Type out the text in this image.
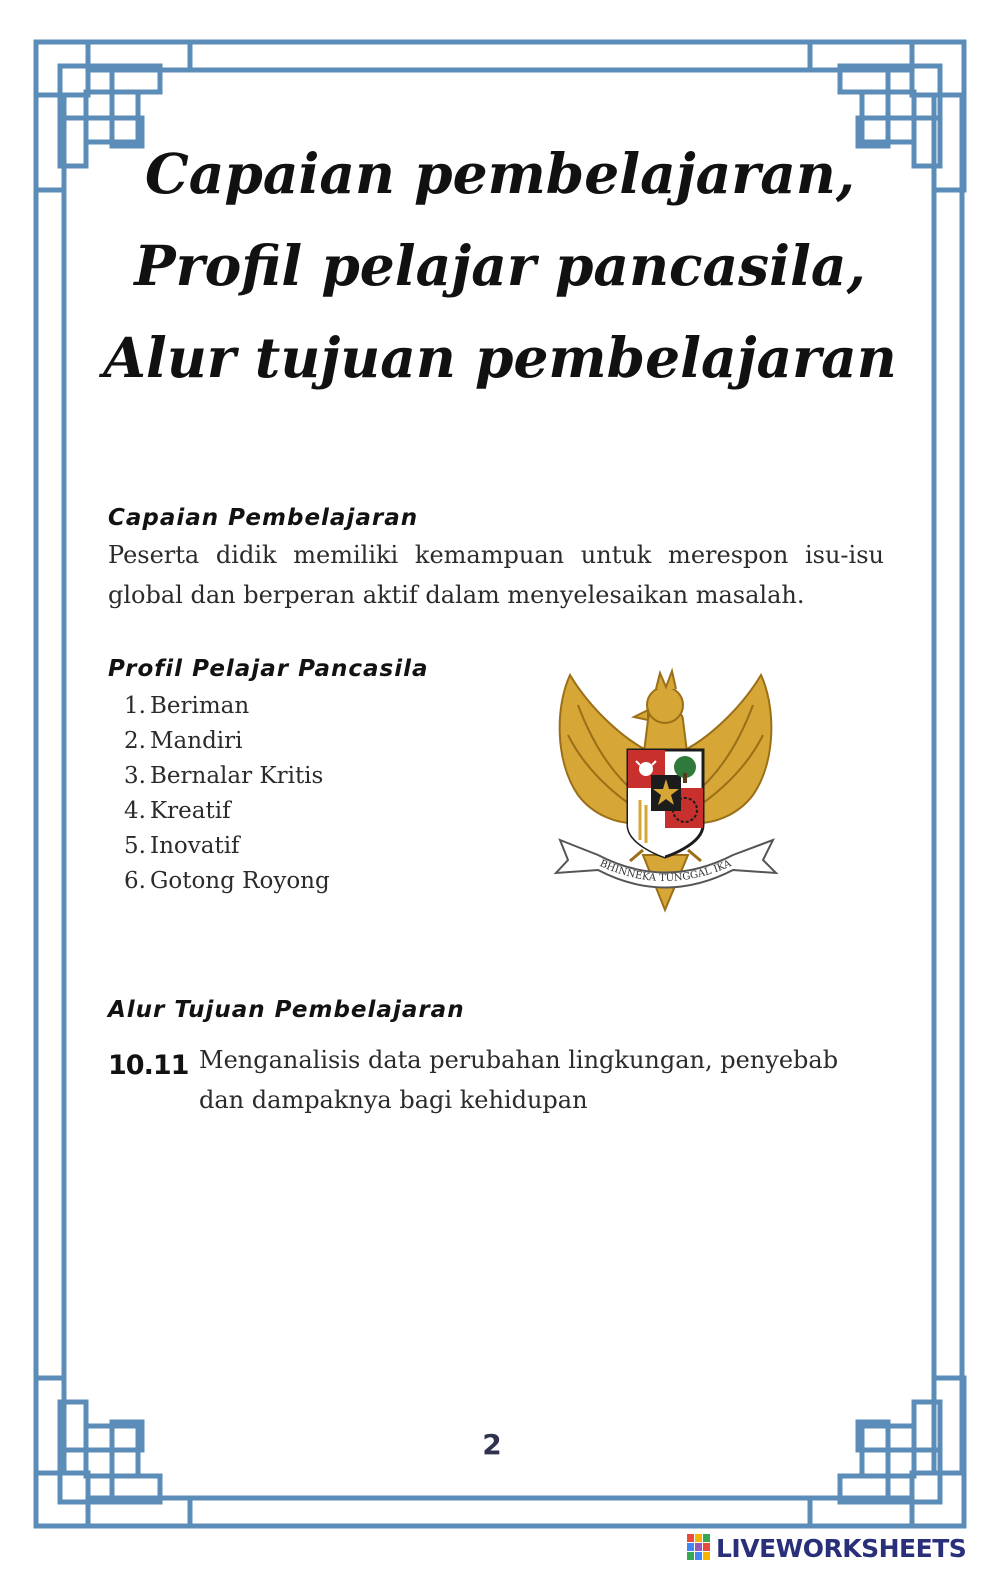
Capaian pembelajaran, Profil pelajar pancasila, Alur tujuan pembelajaran
Capaian Pembelajaran

Peserta didik memiliki kemampuan untuk merespon isu-isu global dan berperan aktif dalam menyelesaikan masalah.

Profil Pelajar Pancasila
1. Beriman
2. Mandiri
3. Bernalar Kritis
4. Kreatif
5. Inovatif
6. Gotong Royong
BHINNEKA TUNGGAL IKA
Alur Tujuan Pembelajaran

10.11 Menganalisis data perubahan lingkungan, penyebab dan dampaknya bagi kehidupan

2
LIVEWORKSHEETS
